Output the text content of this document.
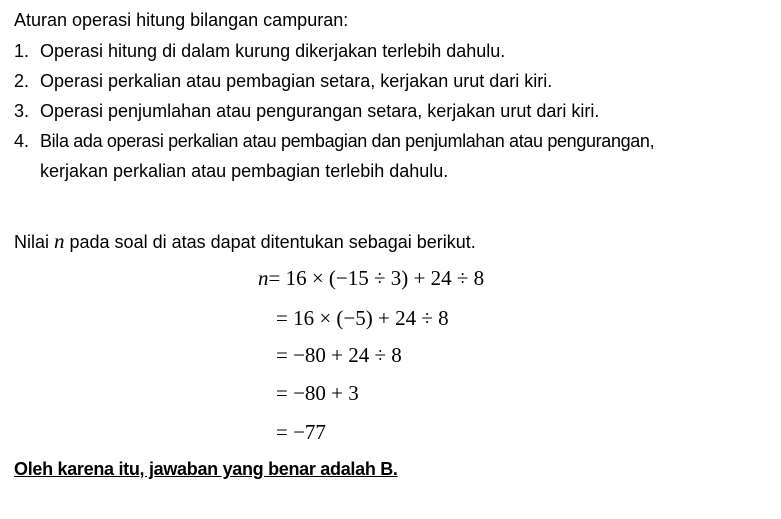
Aturan operasi hitung bilangan campuran:
1. Operasi hitung di dalam kurung dikerjakan terlebih dahulu.
2. Operasi perkalian atau pembagian setara, kerjakan urut dari kiri.
3. Operasi penjumlahan atau pengurangan setara, kerjakan urut dari kiri.
4. Bila ada operasi perkalian atau pembagian dan penjumlahan atau pengurangan,
kerjakan perkalian atau pembagian terlebih dahulu.
Nilai n pada soal di atas dapat ditentukan sebagai berikut.
n= 16 × (−15 ÷ 3) + 24 ÷ 8
= 16 × (−5) + 24 ÷ 8
= −80 + 24 ÷ 8
= −80 + 3
= −77
Oleh karena itu, jawaban yang benar adalah B.
